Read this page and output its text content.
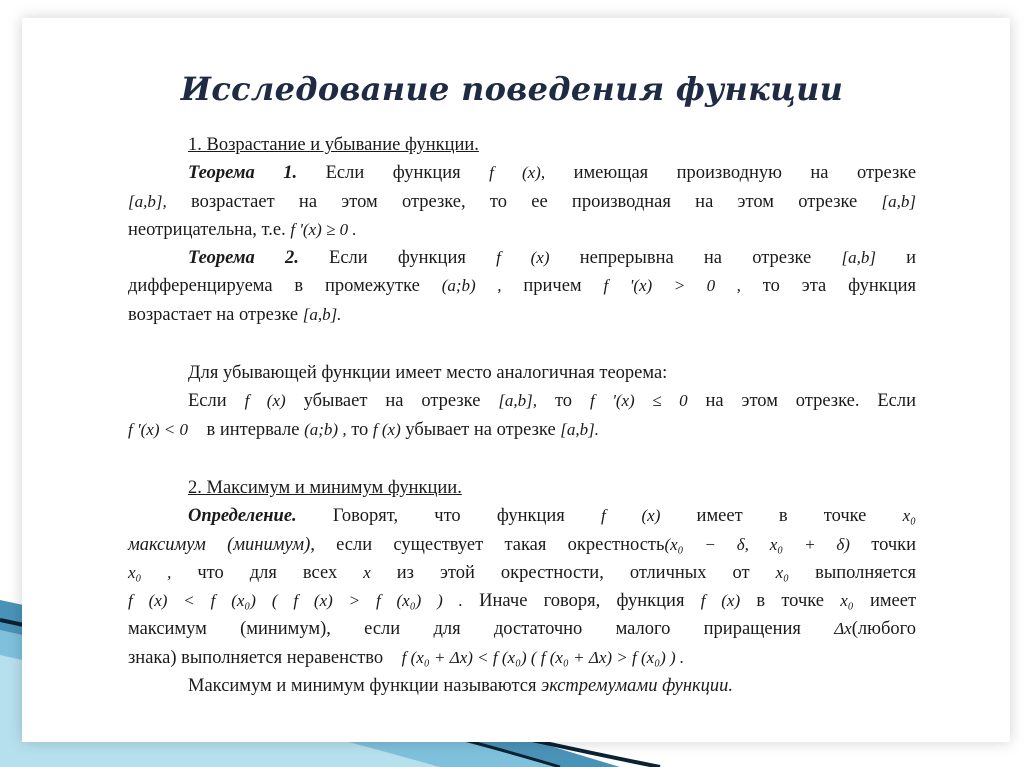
Исследование поведения функции
1. Возрастание и убывание функции.
Теорема 1. Если функция f (x), имеющая производную на отрезке
[a,b], возрастает на этом отрезке, то ее производная на этом отрезке [a,b]
неотрицательна, т.е. f '(x) ≥ 0 .
Теорема 2. Если функция f (x) непрерывна на отрезке [a,b] и
дифференцируема в промежутке (a;b) , причем f '(x) > 0 , то эта функция
возрастает на отрезке [a,b].
Для убывающей функции имеет место аналогичная теорема:
Если f (x) убывает на отрезке [a,b], то f '(x) ≤ 0 на этом отрезке. Если
f '(x) < 0 в интервале (a;b) , то f (x) убывает на отрезке [a,b].
2. Максимум и минимум функции.
Определение. Говорят, что функция f (x) имеет в точке x₀
максимум (минимум), если существует такая окрестность(x₀ − δ, x₀ + δ) точки
x₀ , что для всех x из этой окрестности, отличных от x₀ выполняется
f (x) < f (x₀) ( f (x) > f (x₀) ) . Иначе говоря, функция f (x) в точке x₀ имеет
максимум (минимум), если для достаточно малого приращения Δx(любого
знака) выполняется неравенство f (x₀ + Δx) < f (x₀) ( f (x₀ + Δx) > f (x₀) ) .
Максимум и минимум функции называются экстремумами функции.
